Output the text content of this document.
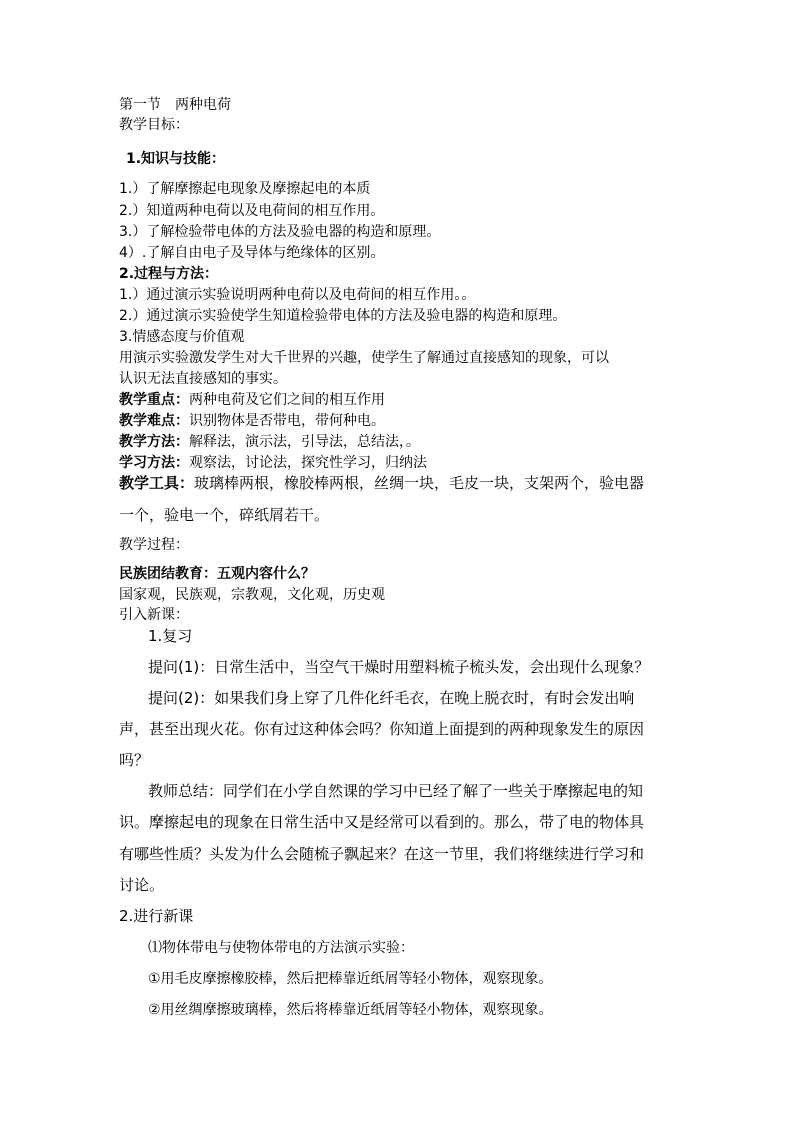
第一节　两种电荷
教学目标：
1.知识与技能：
1.）了解摩擦起电现象及摩擦起电的本质
2.）知道两种电荷以及电荷间的相互作用。
3.）了解检验带电体的方法及验电器的构造和原理。
4）.了解自由电子及导体与绝缘体的区别。
2.过程与方法：
1.）通过演示实验说明两种电荷以及电荷间的相互作用。。
2.）通过演示实验使学生知道检验带电体的方法及验电器的构造和原理。
3.情感态度与价值观
用演示实验激发学生对大千世界的兴趣，使学生了解通过直接感知的现象，可以
认识无法直接感知的事实。
教学重点：两种电荷及它们之间的相互作用
教学难点：识别物体是否带电，带何种电。
教学方法：解释法，演示法，引导法，总结法，。
学习方法：观察法，讨论法，探究性学习，归纳法
教学工具：玻璃棒两根，橡胶棒两根，丝绸一块，毛皮一块，支架两个，验电器
一个，验电一个，碎纸屑若干。
教学过程：
民族团结教育：五观内容什么？
国家观，民族观，宗教观，文化观，历史观
引入新课：
1.复习
提问(1)：日常生活中，当空气干燥时用塑料梳子梳头发，会出现什么现象？
提问(2)：如果我们身上穿了几件化纤毛衣，在晚上脱衣时，有时会发出响
声，甚至出现火花。你有过这种体会吗？你知道上面提到的两种现象发生的原因
吗？
教师总结：同学们在小学自然课的学习中已经了解了一些关于摩擦起电的知
识。摩擦起电的现象在日常生活中又是经常可以看到的。那么，带了电的物体具
有哪些性质？头发为什么会随梳子飘起来？在这一节里，我们将继续进行学习和
讨论。
2.进行新课
⑴物体带电与使物体带电的方法演示实验：
①用毛皮摩擦橡胶棒，然后把棒靠近纸屑等轻小物体，观察现象。
②用丝绸摩擦玻璃棒，然后将棒靠近纸屑等轻小物体，观察现象。
